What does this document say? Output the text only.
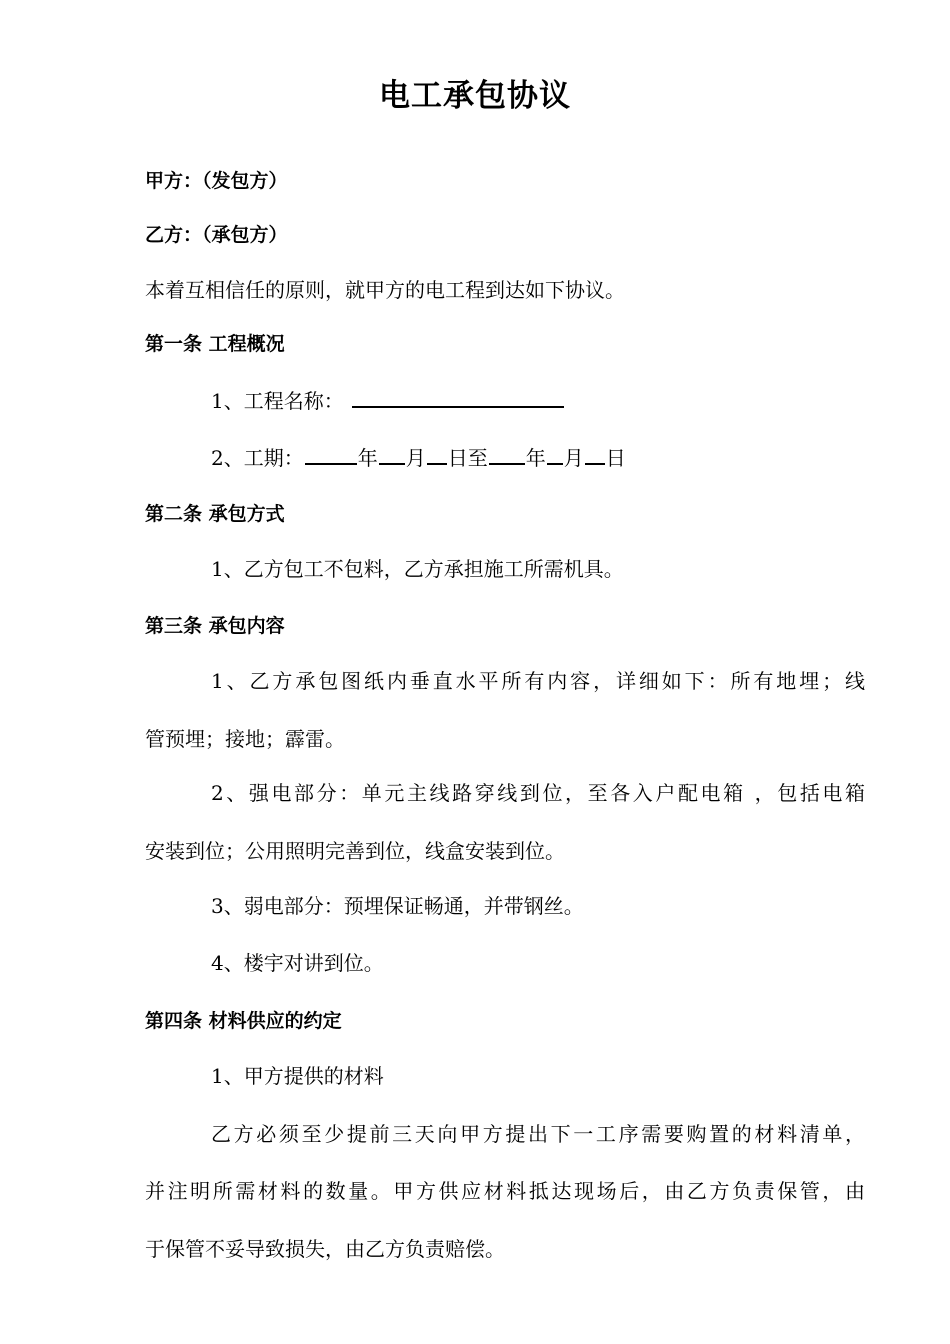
电工承包协议
甲方：（发包方）
乙方：（承包方）
本着互相信任的原则，就甲方的电工程到达如下协议。
第一条 工程概况
1、工程名称：
2、工期：	年 月 日至 年 月 日
第二条 承包方式
1、乙方包工不包料，乙方承担施工所需机具。
第三条 承包内容
1、乙方承包图纸内垂直水平所有内容，详细如下：所有地埋；线
管预埋；接地；霹雷。
2、强电部分：单元主线路穿线到位，至各入户配电箱 ，包括电箱
安装到位；公用照明完善到位，线盒安装到位。
3、弱电部分：预埋保证畅通，并带钢丝。
4、楼宇对讲到位。
第四条 材料供应的约定
1、甲方提供的材料
乙方必须至少提前三天向甲方提出下一工序需要购置的材料清单，
并注明所需材料的数量。甲方供应材料抵达现场后，由乙方负责保管，由
于保管不妥导致损失，由乙方负责赔偿。
